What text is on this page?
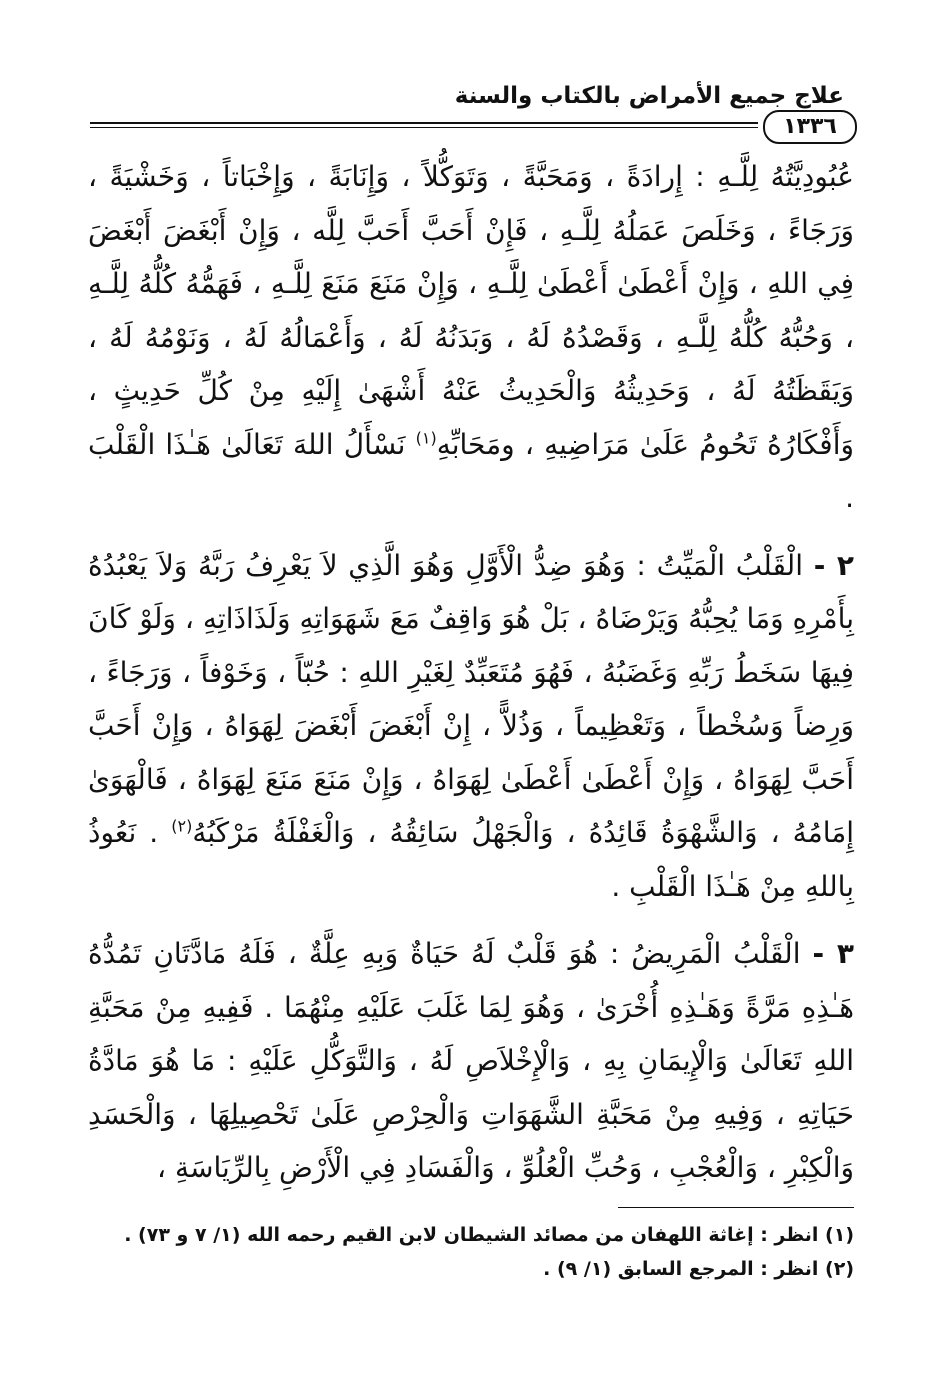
علاج جميع الأمراض بالكتاب والسنة
١٣٣٦

عُبُودِيَّتُهُ لِلَّـهِ : إِرادَةً ، وَمَحَبَّةً ، وَتَوَكُّلاً ، وَإِنَابَةً ، وَإِخْبَاتاً ، وَخَشْيَةً ، وَرَجَاءً ، وَخَلَصَ عَمَلُهُ لِلَّـهِ ، فَإِنْ أَحَبَّ أَحَبَّ لِلَّه ، وَإِنْ أَبْغَضَ أَبْغَضَ فِي اللهِ ، وَإِنْ أَعْطَىٰ أَعْطَىٰ لِلَّـهِ ، وَإِنْ مَنَعَ مَنَعَ لِلَّـهِ ، فَهَمُّهُ كُلُّهُ لِلَّـهِ ، وَحُبُّهُ كُلُّهُ لِلَّـهِ ، وَقَصْدُهُ لَهُ ، وَبَدَنُهُ لَهُ ، وَأَعْمَالُهُ لَهُ ، وَنَوْمُهُ لَهُ ، وَيَقَظَتُهُ لَهُ ، وَحَدِيثُهُ وَالْحَدِيثُ عَنْهُ أَشْهَىٰ إِلَيْهِ مِنْ كُلِّ حَدِيثٍ ، وَأَفْكَارُهُ تَحُومُ عَلَىٰ مَرَاضِيهِ ، ومَحَابِّهِ$^{(١)}$ نَسْأَلُ اللهَ تَعَالَىٰ هَـٰذَا الْقَلْبَ .

٢ - الْقَلْبُ الْمَيِّتُ : وَهُوَ ضِدُّ الْأَوَّلِ وَهُوَ الَّذِي لاَ يَعْرِفُ رَبَّهُ وَلاَ يَعْبُدُهُ بِأَمْرِهِ وَمَا يُحِبُّهُ وَيَرْضَاهُ ، بَلْ هُوَ وَاقِفٌ مَعَ شَهَوَاتِهِ وَلَذَاذَاتِهِ ، وَلَوْ كَانَ فِيهَا سَخَطُ رَبِّهِ وَغَضَبُهُ ، فَهُوَ مُتَعَبِّدٌ لِغَيْرِ اللهِ : حُبّاً ، وَخَوْفاً ، وَرَجَاءً ، وَرِضاً وَسُخْطاً ، وَتَعْظِيماً ، وَذُلاًّ ، إِنْ أَبْغَضَ أَبْغَضَ لِهَوَاهُ ، وَإِنْ أَحَبَّ أَحَبَّ لِهَوَاهُ ، وَإِنْ أَعْطَىٰ أَعْطَىٰ لِهَوَاهُ ، وَإِنْ مَنَعَ مَنَعَ لِهَوَاهُ ، فَالْهَوَىٰ إِمَامُهُ ، وَالشَّهْوَةُ قَائِدُهُ ، وَالْجَهْلُ سَائِقُهُ ، وَالْغَفْلَةُ مَرْكَبُهُ$^{(٢)}$ . نَعُوذُ بِاللهِ مِنْ هَـٰذَا الْقَلْبِ .

٣ - الْقَلْبُ الْمَرِيضُ : هُوَ قَلْبٌ لَهُ حَيَاةٌ وَبِهِ عِلَّةٌ ، فَلَهُ مَادَّتَانِ تَمُدُّهُ هَـٰذِهِ مَرَّةً وَهَـٰذِهِ أُخْرَىٰ ، وَهُوَ لِمَا غَلَبَ عَلَيْهِ مِنْهُمَا . فَفِيهِ مِنْ مَحَبَّةِ اللهِ تَعَالَىٰ وَالْإِيمَانِ بِهِ ، وَالْإِخْلاَصِ لَهُ ، وَالتَّوَكُّلِ عَلَيْهِ : مَا هُوَ مَادَّةُ حَيَاتِهِ ، وَفِيهِ مِنْ مَحَبَّةِ الشَّهَوَاتِ وَالْحِرْصِ عَلَىٰ تَحْصِيلِهَا ، وَالْحَسَدِ وَالْكِبْرِ ، وَالْعُجْبِ ، وَحُبِّ الْعُلُوِّ ، وَالْفَسَادِ فِي الْأَرْضِ بِالرِّيَاسَةِ ،

(١) انظر : إغاثة اللهفان من مصائد الشيطان لابن القيم رحمه الله (١/ ٧ و ٧٣) .
(٢) انظر : المرجع السابق (١/ ٩) .
